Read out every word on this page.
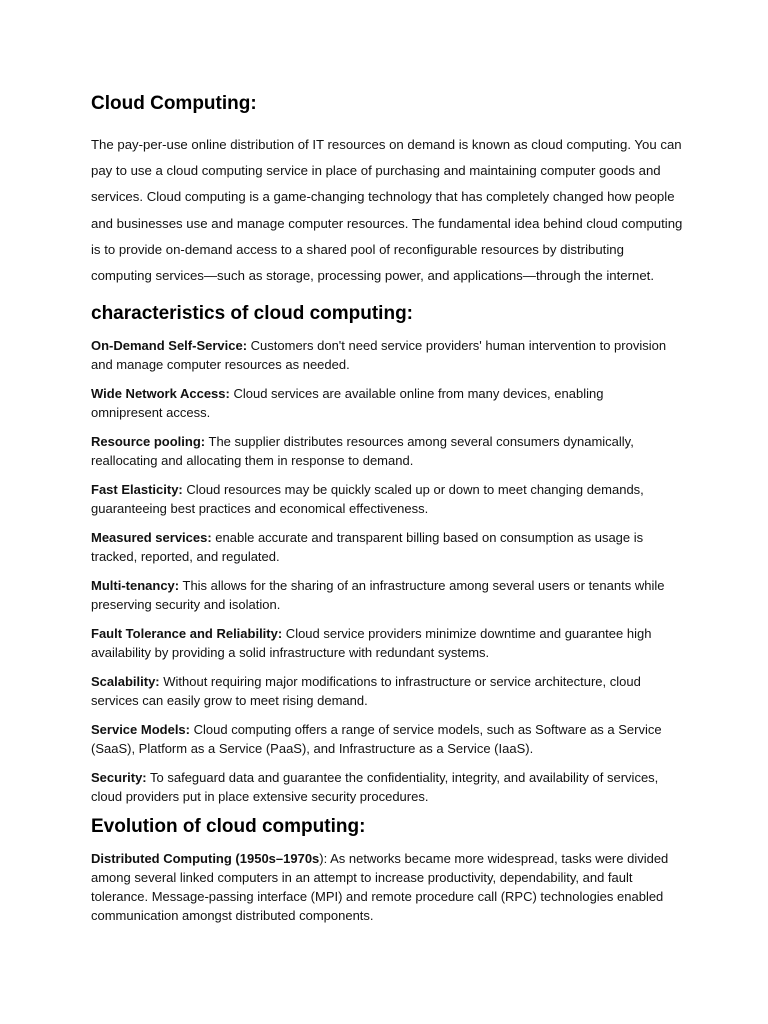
Cloud Computing:

The pay-per-use online distribution of IT resources on demand is known as cloud computing. You can pay to use a cloud computing service in place of purchasing and maintaining computer goods and services. Cloud computing is a game-changing technology that has completely changed how people and businesses use and manage computer resources. The fundamental idea behind cloud computing is to provide on-demand access to a shared pool of reconfigurable resources by distributing computing services—such as storage, processing power, and applications—through the internet.

characteristics of cloud computing:

On-Demand Self-Service: Customers don't need service providers' human intervention to provision and manage computer resources as needed.

Wide Network Access: Cloud services are available online from many devices, enabling omnipresent access.

Resource pooling: The supplier distributes resources among several consumers dynamically, reallocating and allocating them in response to demand.

Fast Elasticity: Cloud resources may be quickly scaled up or down to meet changing demands, guaranteeing best practices and economical effectiveness.

Measured services: enable accurate and transparent billing based on consumption as usage is tracked, reported, and regulated.

Multi-tenancy: This allows for the sharing of an infrastructure among several users or tenants while preserving security and isolation.

Fault Tolerance and Reliability: Cloud service providers minimize downtime and guarantee high availability by providing a solid infrastructure with redundant systems.

Scalability: Without requiring major modifications to infrastructure or service architecture, cloud services can easily grow to meet rising demand.

Service Models: Cloud computing offers a range of service models, such as Software as a Service (SaaS), Platform as a Service (PaaS), and Infrastructure as a Service (IaaS).

Security: To safeguard data and guarantee the confidentiality, integrity, and availability of services, cloud providers put in place extensive security procedures.

Evolution of cloud computing:

Distributed Computing (1950s–1970s): As networks became more widespread, tasks were divided among several linked computers in an attempt to increase productivity, dependability, and fault tolerance. Message-passing interface (MPI) and remote procedure call (RPC) technologies enabled communication amongst distributed components.
